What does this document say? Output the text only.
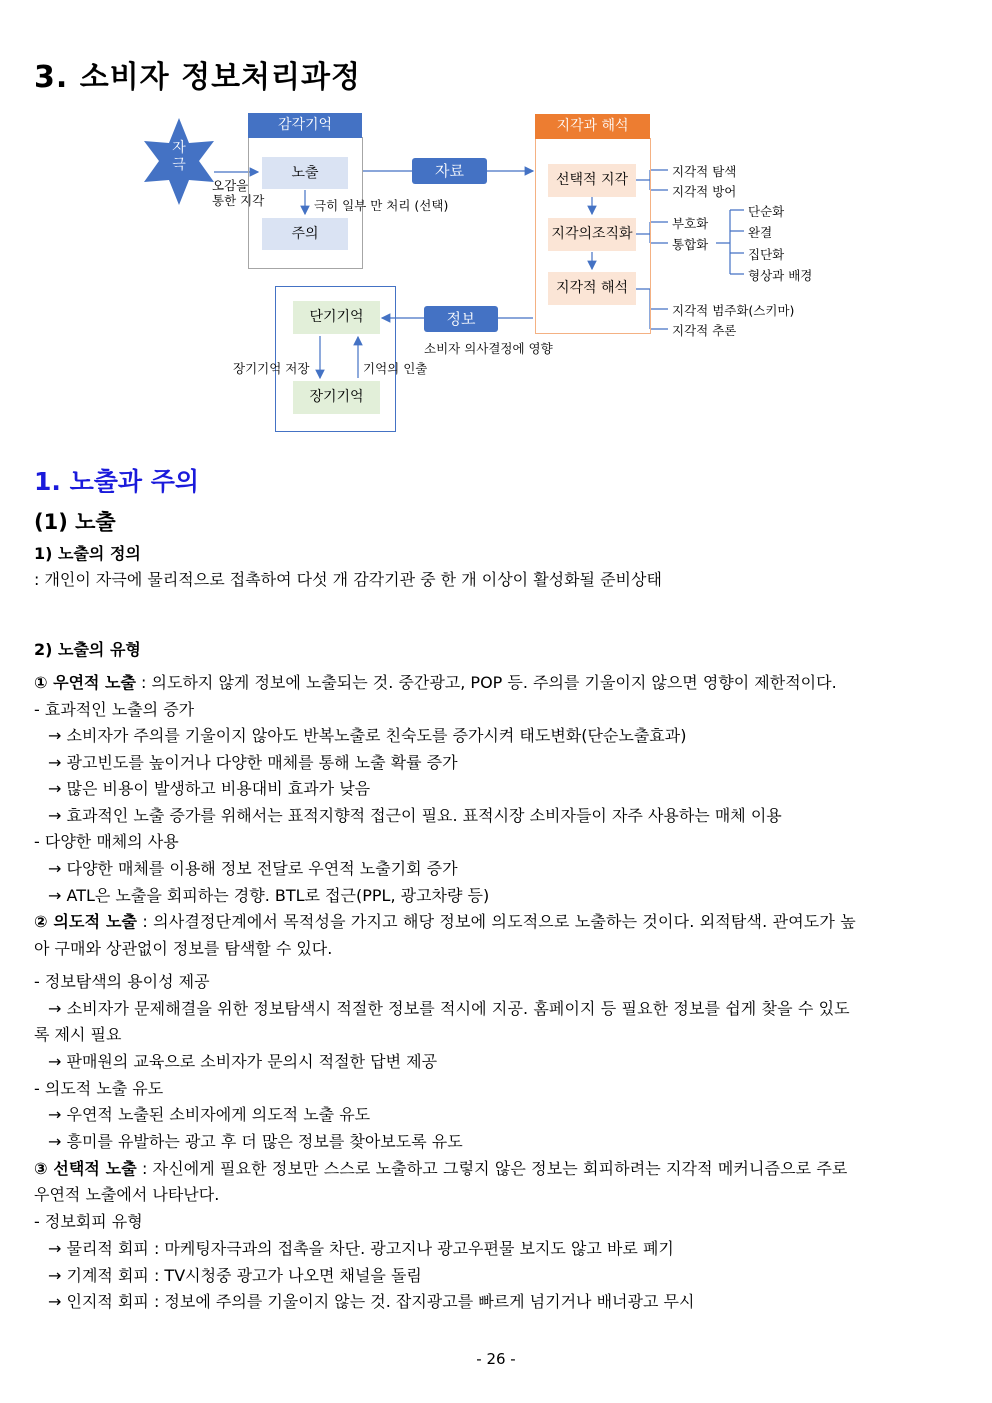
3. 소비자 정보처리과정
자
극
오감을
통한 지각
감각기억
노출
극히 일부 만 처리 (선택)
주의
자료
지각과 해석
선택적 지각
지각의조직화
지각적 해석
지각적 탐색
지각적 방어
부호화
통합화
단순화
완결
집단화
형상과 배경
지각적 범주화(스키마)
지각적 추론
정보
소비자 의사결정에 영향
단기기억
장기기억
장기기억 저장	기억의 인출
1. 노출과 주의
(1) 노출
1) 노출의 정의
: 개인이 자극에 물리적으로 접촉하여 다섯 개 감각기관 중 한 개 이상이 활성화될 준비상태
2) 노출의 유형
① 우연적 노출 : 의도하지 않게 정보에 노출되는 것. 중간광고, POP 등. 주의를 기울이지 않으면 영향이 제한적이다.
- 효과적인 노출의 증가
→ 소비자가 주의를 기울이지 않아도 반복노출로 친숙도를 증가시켜 태도변화(단순노출효과)
→ 광고빈도를 높이거나 다양한 매체를 통해 노출 확률 증가
→ 많은 비용이 발생하고 비용대비 효과가 낮음
→ 효과적인 노출 증가를 위해서는 표적지향적 접근이 필요. 표적시장 소비자들이 자주 사용하는 매체 이용
- 다양한 매체의 사용
→ 다양한 매체를 이용해 정보 전달로 우연적 노출기회 증가
→ ATL은 노출을 회피하는 경향. BTL로 접근(PPL, 광고차량 등)
② 의도적 노출 : 의사결정단계에서 목적성을 가지고 해당 정보에 의도적으로 노출하는 것이다. 외적탐색. 관여도가 높
아 구매와 상관없이 정보를 탐색할 수 있다.
- 정보탐색의 용이성 제공
→ 소비자가 문제해결을 위한 정보탐색시 적절한 정보를 적시에 지공. 홈페이지 등 필요한 정보를 쉽게 찾을 수 있도
록 제시 필요
→ 판매원의 교육으로 소비자가 문의시 적절한 답변 제공
- 의도적 노출 유도
→ 우연적 노출된 소비자에게 의도적 노출 유도
→ 흥미를 유발하는 광고 후 더 많은 정보를 찾아보도록 유도
③ 선택적 노출 : 자신에게 필요한 정보만 스스로 노출하고 그렇지 않은 정보는 회피하려는 지각적 메커니즘으로 주로
우연적 노출에서 나타난다.
- 정보회피 유형
→ 물리적 회피 : 마케팅자극과의 접촉을 차단. 광고지나 광고우편물 보지도 않고 바로 폐기
→ 기계적 회피 : TV시청중 광고가 나오면 채널을 돌림
→ 인지적 회피 : 정보에 주의를 기울이지 않는 것. 잡지광고를 빠르게 넘기거나 배너광고 무시
- 26 -
